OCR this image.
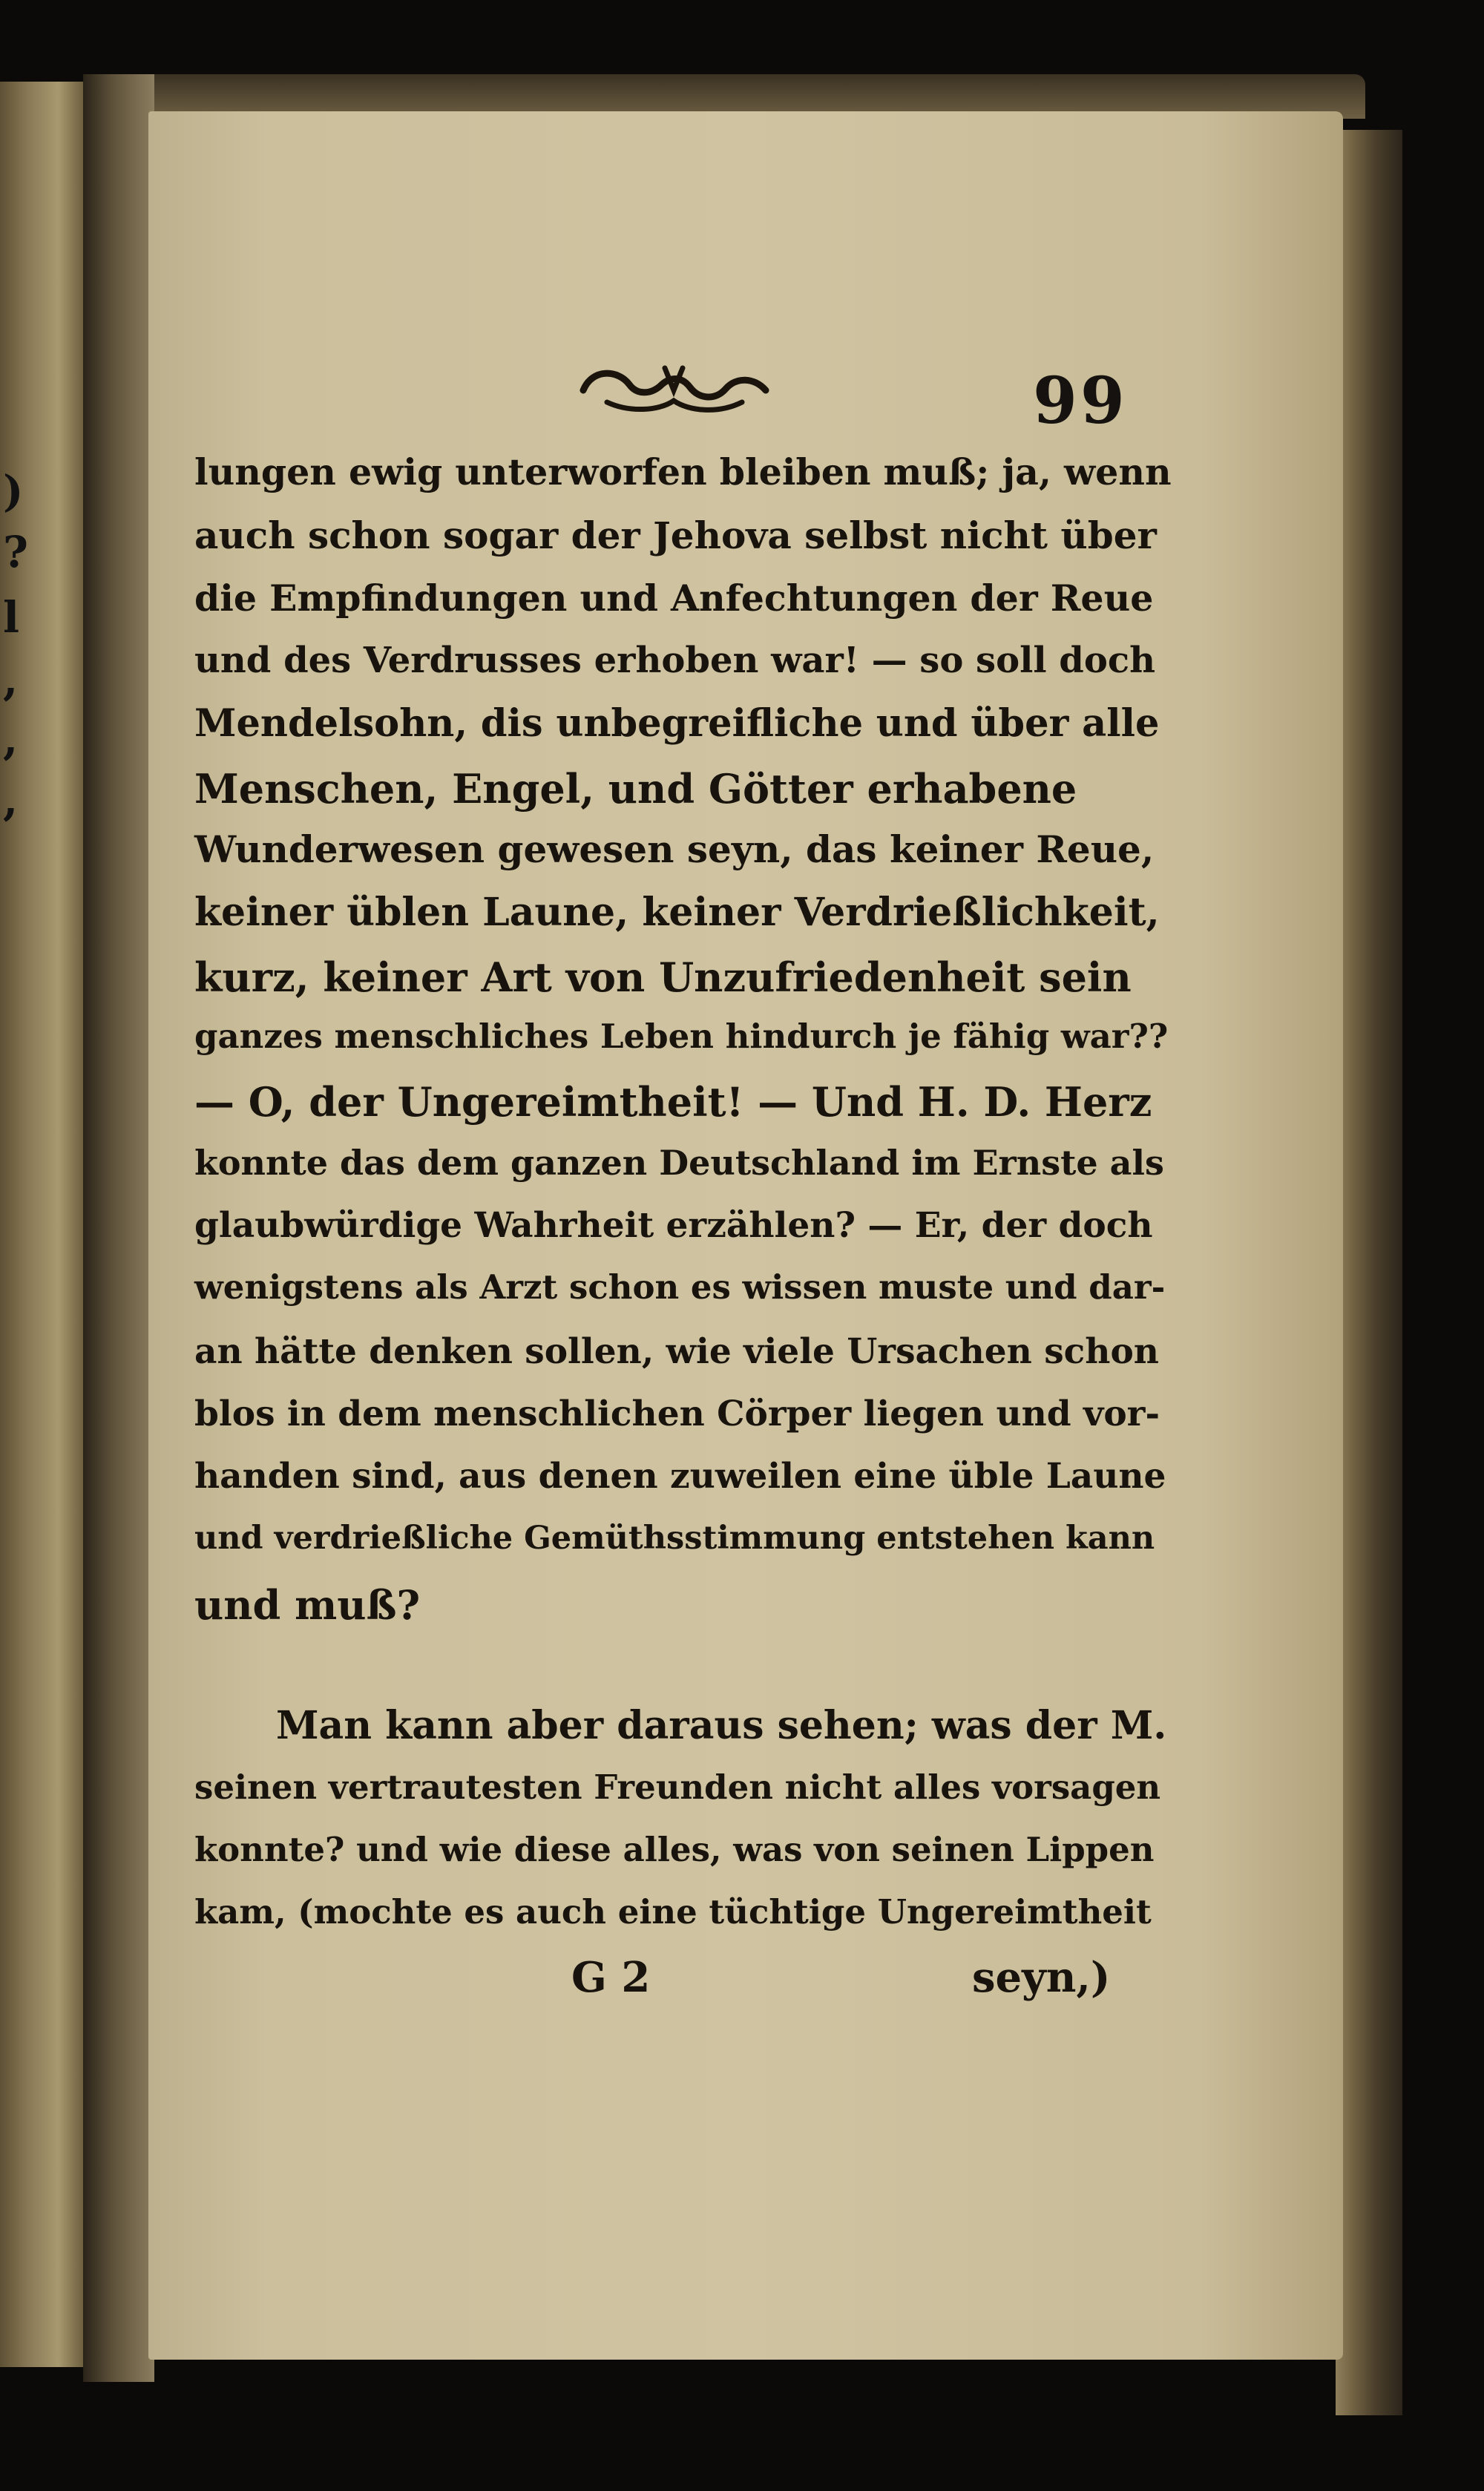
)
?
l
,
,
,
99
lungen ewig unterworfen bleiben muß; ja, wenn
auch schon sogar der Jehova selbst nicht über
die Empfindungen und Anfechtungen der Reue
und des Verdrusses erhoben war! — so soll doch
Mendelsohn, dis unbegreifliche und über alle
Menschen, Engel, und Götter erhabene
Wunderwesen gewesen seyn, das keiner Reue,
keiner üblen Laune, keiner Verdrießlichkeit,
kurz, keiner Art von Unzufriedenheit sein
ganzes menschliches Leben hindurch je fähig war??
— O, der Ungereimtheit! — Und H. D. Herz
konnte das dem ganzen Deutschland im Ernste als
glaubwürdige Wahrheit erzählen? — Er, der doch
wenigstens als Arzt schon es wissen muste und dar-
an hätte denken sollen, wie viele Ursachen schon
blos in dem menschlichen Cörper liegen und vor-
handen sind, aus denen zuweilen eine üble Laune
und verdrießliche Gemüthsstimmung entstehen kann
und muß?
Man kann aber daraus sehen; was der M.
seinen vertrautesten Freunden nicht alles vorsagen
konnte? und wie diese alles, was von seinen Lippen
kam, (mochte es auch eine tüchtige Ungereimtheit
G 2	seyn,)
